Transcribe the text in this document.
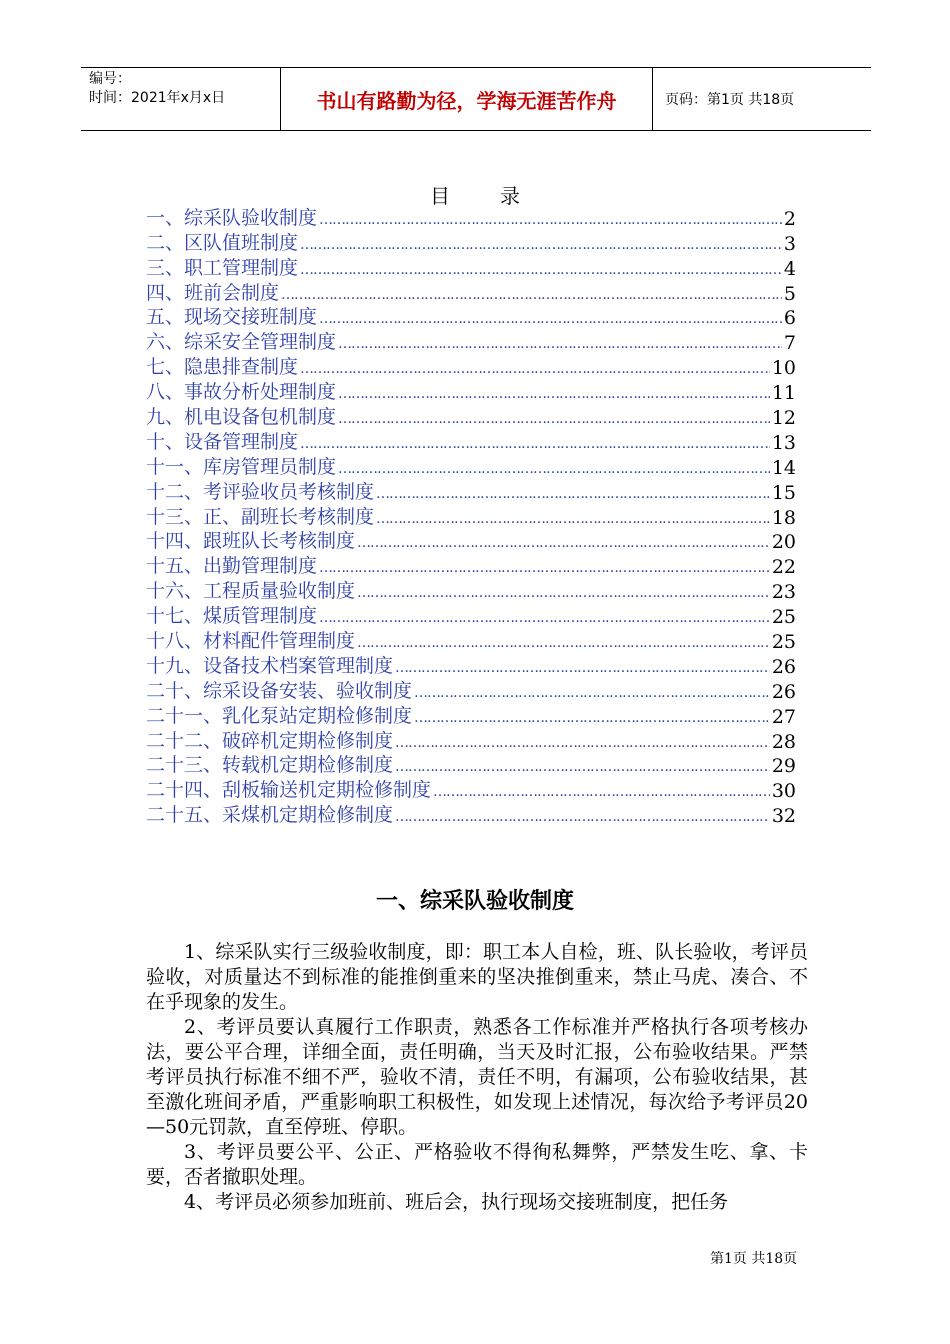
编号：
时间：2021年x月x日	书山有路勤为径，学海无涯苦作舟	页码：第1页 共18页
目录
一、综采队验收制度 ……………………………………………………………………………………………………………………………………………………	2
二、区队值班制度 ……………………………………………………………………………………………………………………………………………………	3
三、职工管理制度 ……………………………………………………………………………………………………………………………………………………	4
四、班前会制度 ……………………………………………………………………………………………………………………………………………………	5
五、现场交接班制度 ……………………………………………………………………………………………………………………………………………………	6
六、综采安全管理制度 ……………………………………………………………………………………………………………………………………………………	7
七、隐患排查制度 ……………………………………………………………………………………………………………………………………………………	10
八、事故分析处理制度 ……………………………………………………………………………………………………………………………………………………	11
九、机电设备包机制度 ……………………………………………………………………………………………………………………………………………………	12
十、设备管理制度 ……………………………………………………………………………………………………………………………………………………	13
十一、库房管理员制度 ……………………………………………………………………………………………………………………………………………………	14
十二、考评验收员考核制度 ……………………………………………………………………………………………………………………………………………………	15
十三、正、副班长考核制度 ……………………………………………………………………………………………………………………………………………………	18
十四、跟班队长考核制度 ……………………………………………………………………………………………………………………………………………………	20
十五、出勤管理制度 ……………………………………………………………………………………………………………………………………………………	22
十六、工程质量验收制度 ……………………………………………………………………………………………………………………………………………………	23
十七、煤质管理制度 ……………………………………………………………………………………………………………………………………………………	25
十八、材料配件管理制度 ……………………………………………………………………………………………………………………………………………………	25
十九、设备技术档案管理制度 ……………………………………………………………………………………………………………………………………………………	26
二十、综采设备安装、验收制度 ……………………………………………………………………………………………………………………………………………………	26
二十一、乳化泵站定期检修制度 ……………………………………………………………………………………………………………………………………………………	27
二十二、破碎机定期检修制度 ……………………………………………………………………………………………………………………………………………………	28
二十三、转载机定期检修制度 ……………………………………………………………………………………………………………………………………………………	29
二十四、刮板输送机定期检修制度 ……………………………………………………………………………………………………………………………………………………	30
二十五、采煤机定期检修制度 ……………………………………………………………………………………………………………………………………………………	32
一、综采队验收制度

1、综采队实行三级验收制度，即：职工本人自检，班、队长验收，考评员验收，对质量达不到标准的能推倒重来的坚决推倒重来，禁止马虎、凑合、不在乎现象的发生。

2、考评员要认真履行工作职责，熟悉各工作标准并严格执行各项考核办法，要公平合理，详细全面，责任明确，当天及时汇报，公布验收结果。严禁考评员执行标准不细不严，验收不清，责任不明，有漏项，公布验收结果，甚至激化班间矛盾，严重影响职工积极性，如发现上述情况，每次给予考评员20—50元罚款，直至停班、停职。

3、考评员要公平、公正、严格验收不得徇私舞弊，严禁发生吃、拿、卡要，否者撤职处理。

4、考评员必须参加班前、班后会，执行现场交接班制度，把任务

第1页 共18页
